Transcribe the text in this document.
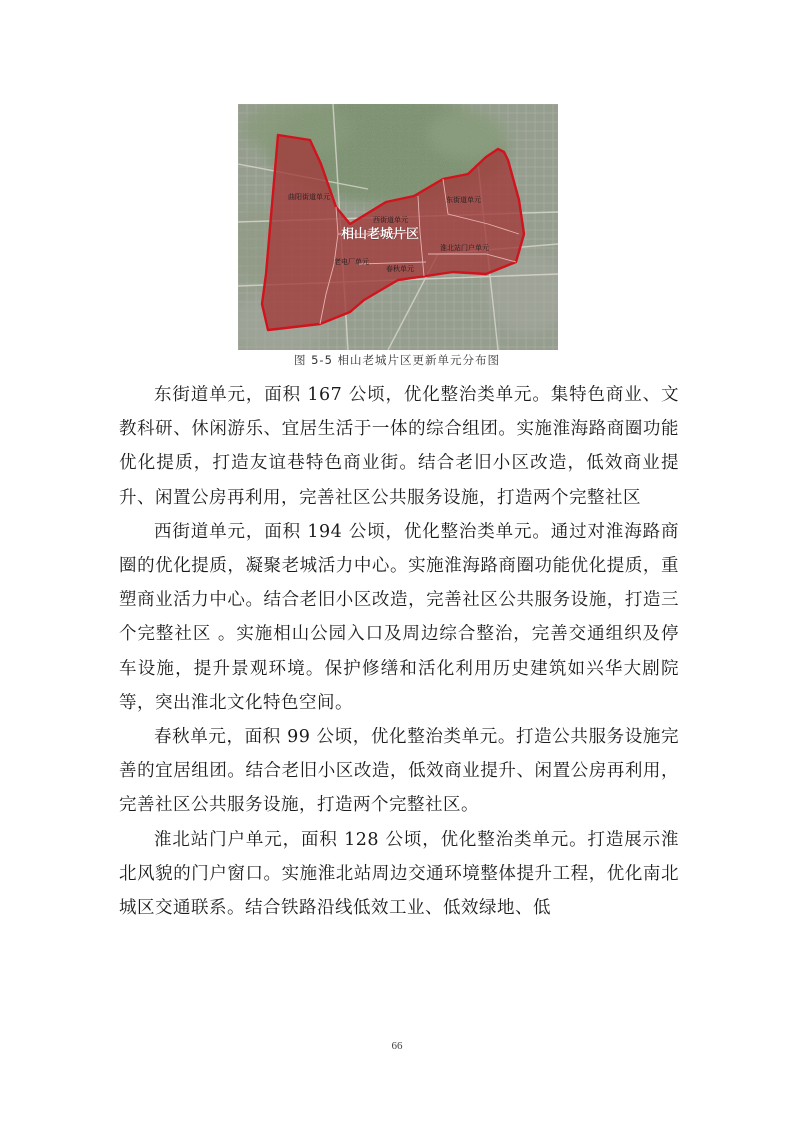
曲阳街道单元
西街道单元
东街道单元
淮北站门户单元
老电厂单元
春秋单元
相山老城片区
图 5-5 相山老城片区更新单元分布图

东街道单元，面积 167 公顷，优化整治类单元。集特色商业、文教科研、休闲游乐、宜居生活于一体的综合组团。实施淮海路商圈功能优化提质，打造友谊巷特色商业街。结合老旧小区改造，低效商业提升、闲置公房再利用，完善社区公共服务设施，打造两个完整社区

西街道单元，面积 194 公顷，优化整治类单元。通过对淮海路商圈的优化提质，凝聚老城活力中心。实施淮海路商圈功能优化提质，重塑商业活力中心。结合老旧小区改造，完善社区公共服务设施，打造三个完整社区 。实施相山公园入口及周边综合整治，完善交通组织及停车设施，提升景观环境。保护修缮和活化利用历史建筑如兴华大剧院等，突出淮北文化特色空间。

春秋单元，面积 99 公顷，优化整治类单元。打造公共服务设施完善的宜居组团。结合老旧小区改造，低效商业提升、闲置公房再利用，完善社区公共服务设施，打造两个完整社区。

淮北站门户单元，面积 128 公顷，优化整治类单元。打造展示淮北风貌的门户窗口。实施淮北站周边交通环境整体提升工程，优化南北城区交通联系。结合铁路沿线低效工业、低效绿地、低

66
